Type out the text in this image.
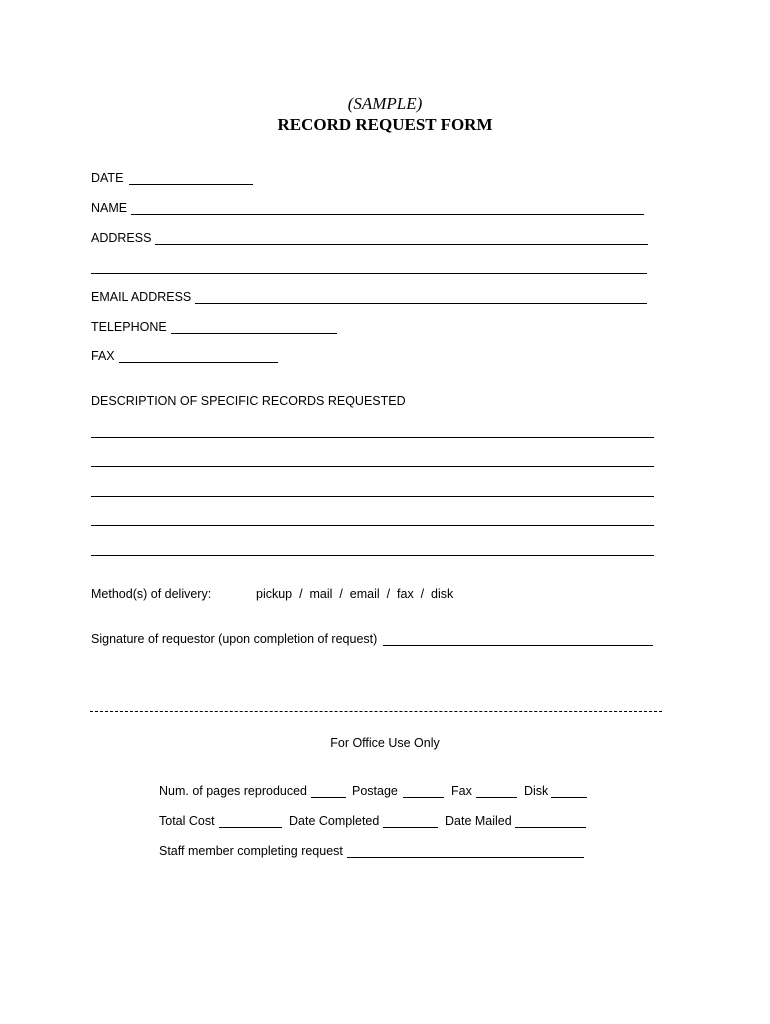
(SAMPLE)
RECORD REQUEST FORM
DATE
NAME
ADDRESS
EMAIL ADDRESS
TELEPHONE
FAX
DESCRIPTION OF SPECIFIC RECORDS REQUESTED
Method(s) of delivery:	pickup  /  mail  /  email  /  fax  /  disk
Signature of requestor (upon completion of request)
For Office Use Only
Num. of pages reproduced	Postage	Fax	Disk
Total Cost	Date Completed	Date Mailed
Staff member completing request
